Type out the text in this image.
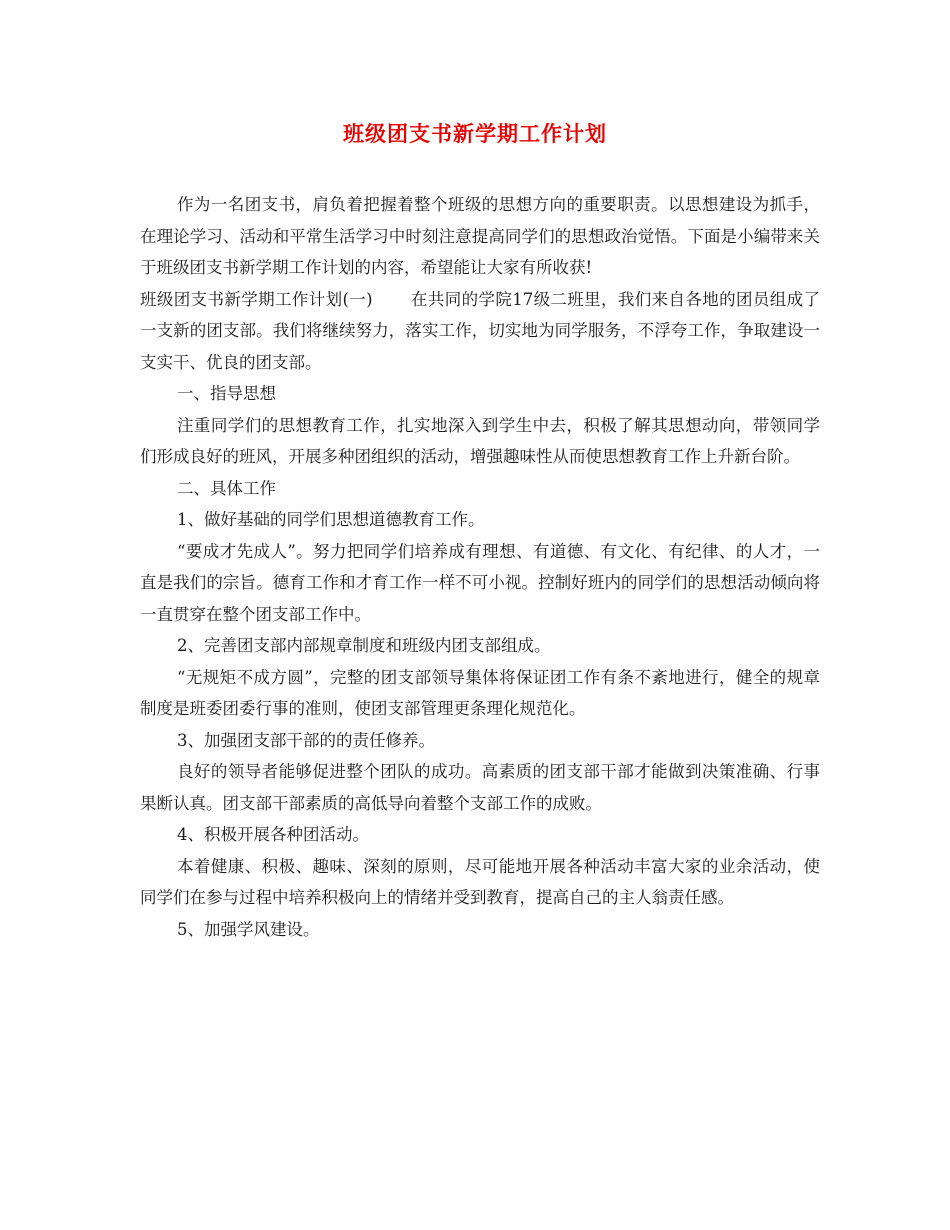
班级团支书新学期工作计划

作为一名团支书，肩负着把握着整个班级的思想方向的重要职责。以思想建设为抓手，在理论学习、活动和平常生活学习中时刻注意提高同学们的思想政治觉悟。下面是小编带来关于班级团支书新学期工作计划的内容，希望能让大家有所收获!

班级团支书新学期工作计划(一) 在共同的学院17级二班里，我们来自各地的团员组成了一支新的团支部。我们将继续努力，落实工作，切实地为同学服务，不浮夸工作，争取建设一支实干、优良的团支部。

一、指导思想

注重同学们的思想教育工作，扎实地深入到学生中去，积极了解其思想动向，带领同学们形成良好的班风，开展多种团组织的活动，增强趣味性从而使思想教育工作上升新台阶。

二、具体工作

1、做好基础的同学们思想道德教育工作。

“要成才先成人”。努力把同学们培养成有理想、有道德、有文化、有纪律、的人才，一直是我们的宗旨。德育工作和才育工作一样不可小视。控制好班内的同学们的思想活动倾向将一直贯穿在整个团支部工作中。

2、完善团支部内部规章制度和班级内团支部组成。

“无规矩不成方圆”，完整的团支部领导集体将保证团工作有条不紊地进行，健全的规章制度是班委团委行事的准则，使团支部管理更条理化规范化。

3、加强团支部干部的的责任修养。

良好的领导者能够促进整个团队的成功。高素质的团支部干部才能做到决策准确、行事果断认真。团支部干部素质的高低导向着整个支部工作的成败。

4、积极开展各种团活动。

本着健康、积极、趣味、深刻的原则，尽可能地开展各种活动丰富大家的业余活动，使同学们在参与过程中培养积极向上的情绪并受到教育，提高自己的主人翁责任感。

5、加强学风建设。
